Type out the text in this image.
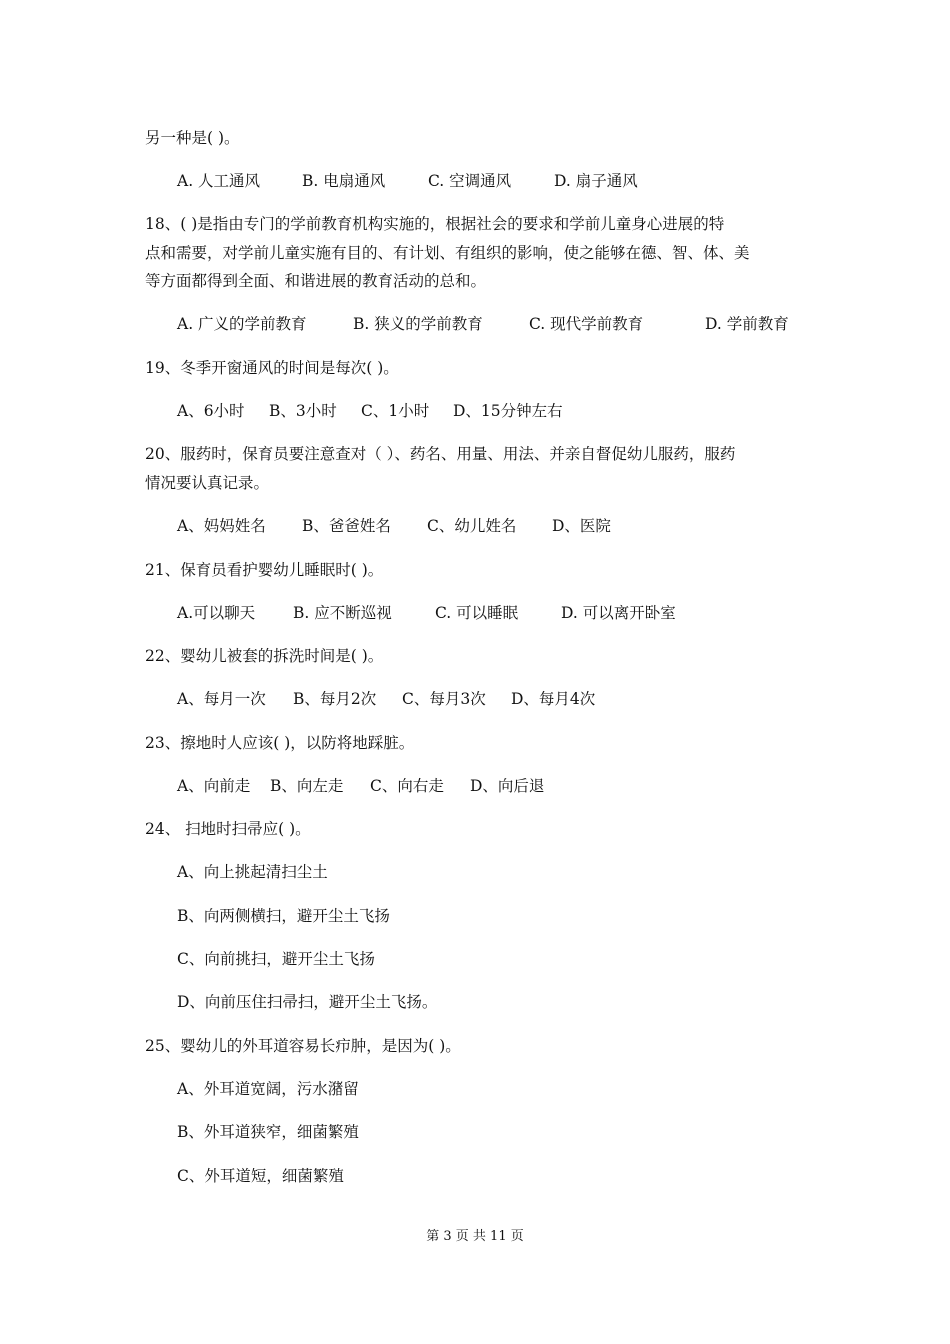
另一种是( )。
A. 人工通风	B. 电扇通风	C. 空调通风	D. 扇子通风
18、( )是指由专门的学前教育机构实施的，根据社会的要求和学前儿童身心进展的特
点和需要，对学前儿童实施有目的、有计划、有组织的影响，使之能够在德、智、体、美
等方面都得到全面、和谐进展的教育活动的总和。
A. 广义的学前教育	B. 狭义的学前教育	C. 现代学前教育	D. 学前教育
19、冬季开窗通风的时间是每次( )。
A、6小时 B、3小时 C、1小时 D、15分钟左右
20、服药时，保育员要注意查对（ ）、药名、用量、用法、并亲自督促幼儿服药，服药
情况要认真记录。
A、妈妈姓名 B、爸爸姓名 C、幼儿姓名 D、医院
21、保育员看护婴幼儿睡眠时( )。
A.可以聊天 B. 应不断巡视	C. 可以睡眠	D. 可以离开卧室
22、婴幼儿被套的拆洗时间是( )。
A、每月一次 B、每月2次 C、每月3次 D、每月4次
23、擦地时人应该( )，以防将地踩脏。
A、向前走 B、向左走 C、向右走 D、向后退
24、 扫地时扫帚应( )。
A、向上挑起清扫尘土
B、向两侧横扫，避开尘土飞扬
C、向前挑扫，避开尘土飞扬
D、向前压住扫帚扫，避开尘土飞扬。
25、婴幼儿的外耳道容易长疖肿，是因为( )。
A、外耳道宽阔，污水潴留
B、外耳道狭窄，细菌繁殖
C、外耳道短，细菌繁殖
第 3 页 共 11 页
